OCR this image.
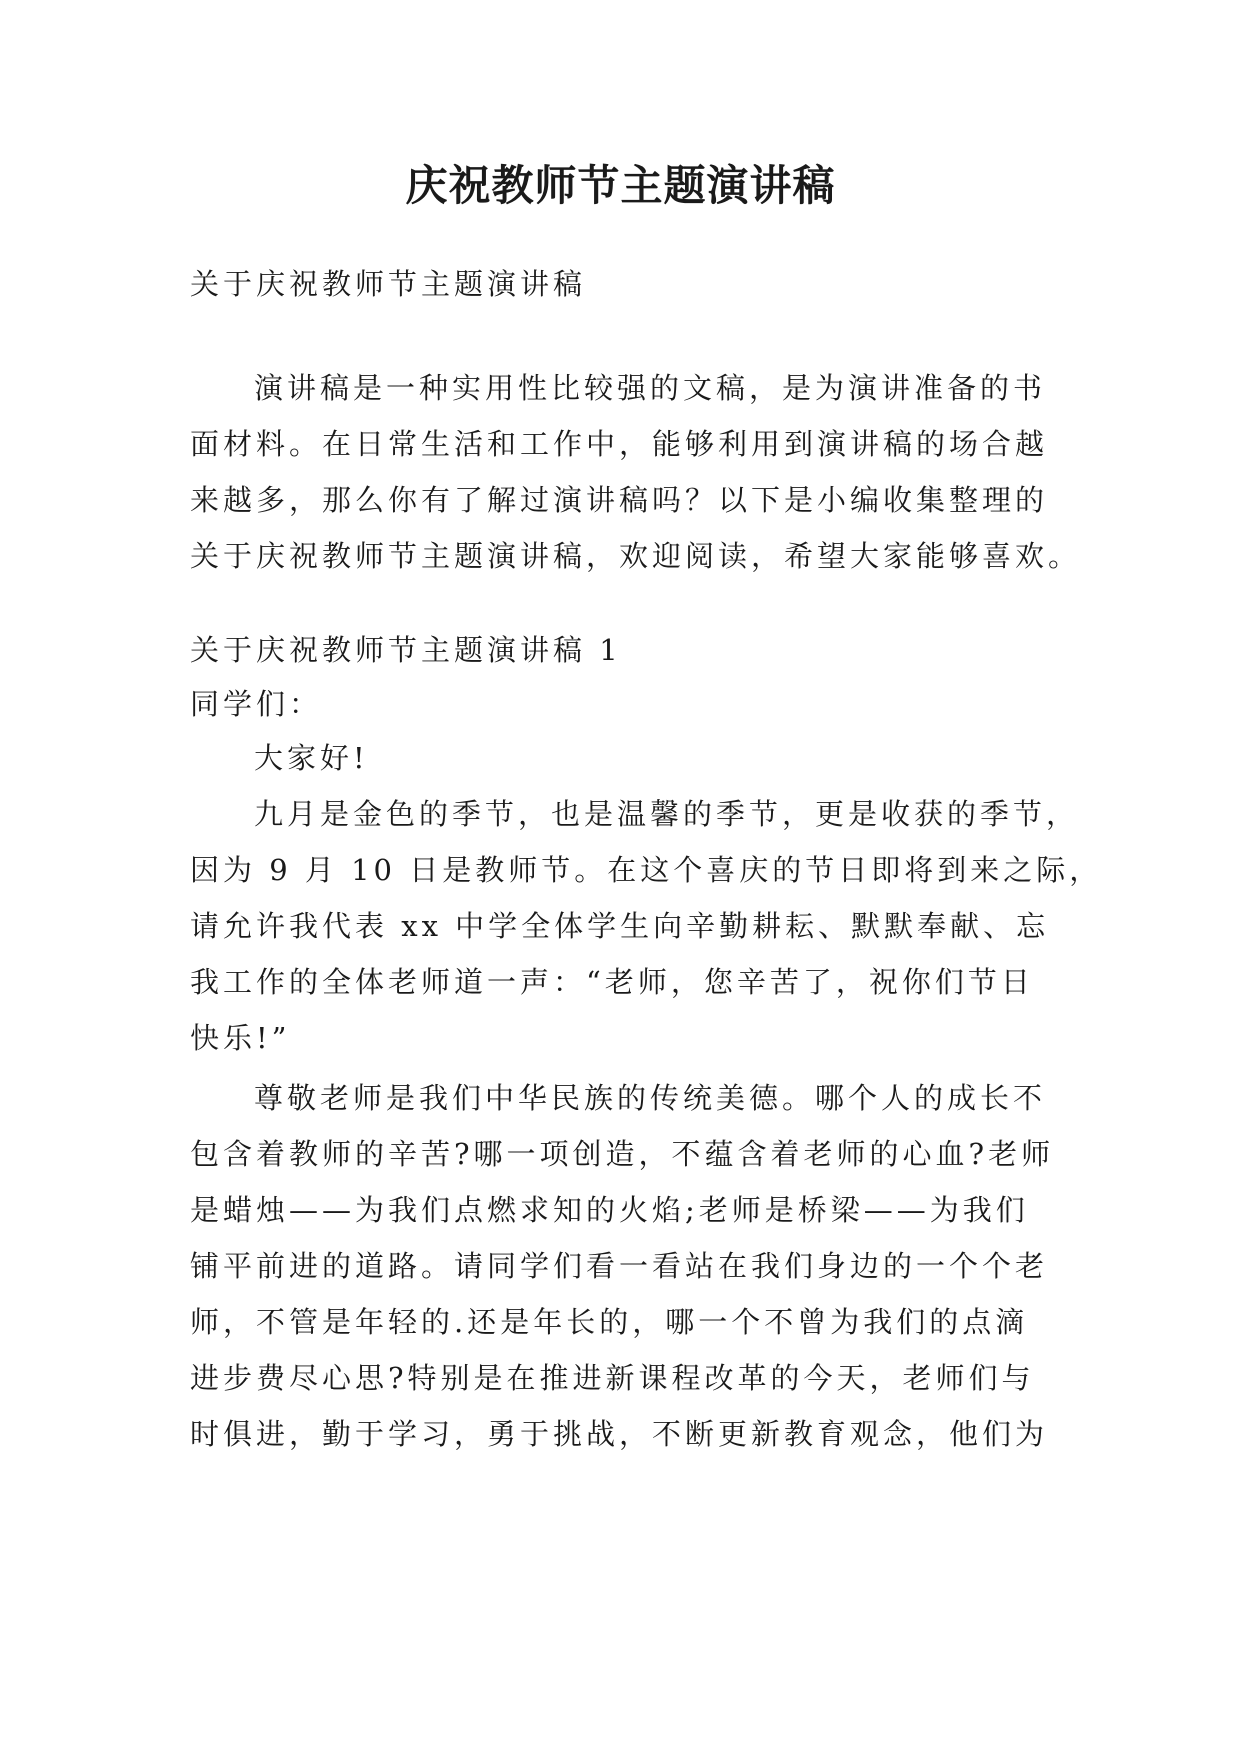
庆祝教师节主题演讲稿

关于庆祝教师节主题演讲稿

演讲稿是一种实用性比较强的文稿，是为演讲准备的书

面材料。在日常生活和工作中，能够利用到演讲稿的场合越

来越多，那么你有了解过演讲稿吗？以下是小编收集整理的

关于庆祝教师节主题演讲稿，欢迎阅读，希望大家能够喜欢。

关于庆祝教师节主题演讲稿 1

同学们：

大家好!

九月是金色的季节，也是温馨的季节，更是收获的季节，

因为 9 月 10 日是教师节。在这个喜庆的节日即将到来之际，

请允许我代表 xx 中学全体学生向辛勤耕耘、默默奉献、忘

我工作的全体老师道一声：“老师，您辛苦了，祝你们节日

快乐!”

尊敬老师是我们中华民族的传统美德。哪个人的成长不

包含着教师的辛苦?哪一项创造，不蕴含着老师的心血?老师

是蜡烛——为我们点燃求知的火焰;老师是桥梁——为我们

铺平前进的道路。请同学们看一看站在我们身边的一个个老

师，不管是年轻的.还是年长的，哪一个不曾为我们的点滴

进步费尽心思?特别是在推进新课程改革的今天，老师们与

时俱进，勤于学习，勇于挑战，不断更新教育观念，他们为
